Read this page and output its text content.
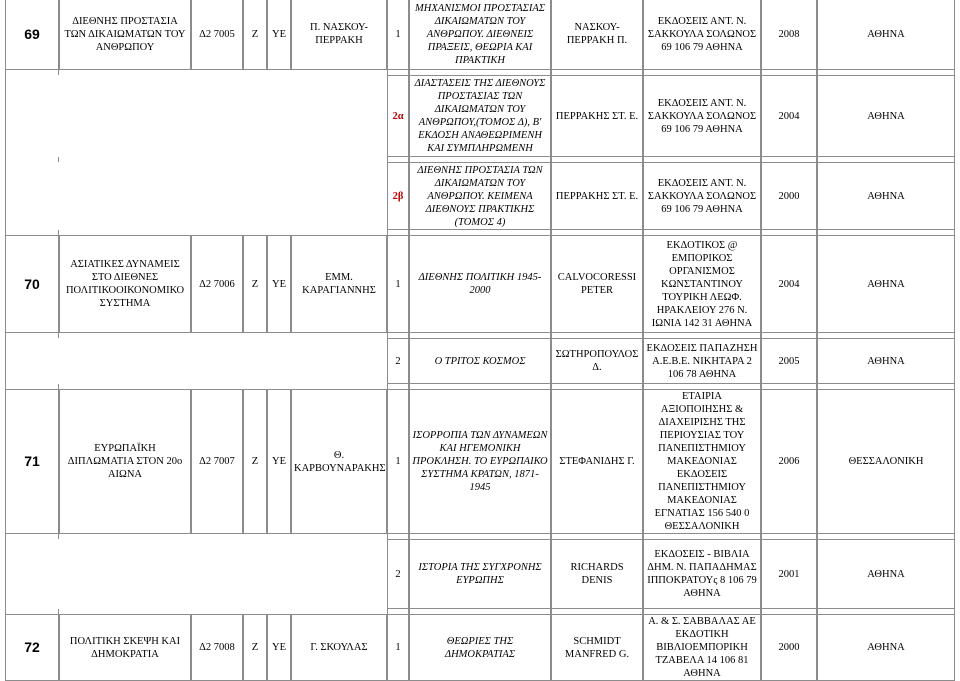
69	ΔΙΕΘΝΗΣ ΠΡΟΣΤΑΣΙΑ ΤΩΝ ΔΙΚΑΙΩΜΑΤΩΝ ΤΟΥ ΑΝΘΡΩΠΟΥ	Δ2 7005	Ζ	ΥΕ	Π. ΝΑΣΚΟΥ-ΠΕΡΡΑΚΗ	1	ΜΗΧΑΝΙΣΜΟΙ ΠΡΟΣΤΑΣΙΑΣ ΔΙΚΑΙΩΜΑΤΩΝ ΤΟΥ ΑΝΘΡΩΠΟΥ. ΔΙΕΘΝΕΙΣ ΠΡΑΞΕΙΣ, ΘΕΩΡΙΑ ΚΑΙ ΠΡΑΚΤΙΚΗ	ΝΑΣΚΟΥ-ΠΕΡΡΑΚΗ Π.	ΕΚΔΟΣΕΙΣ ΑΝΤ. Ν. ΣΑΚΚΟΥΛΑ ΣΟΛΩΝΟΣ 69 106 79 ΑΘΗΝΑ	2008	ΑΘΗΝΑ

						2α	ΔΙΑΣΤΑΣΕΙΣ ΤΗΣ ΔΙΕΘΝΟΥΣ ΠΡΟΣΤΑΣΙΑΣ ΤΩΝ ΔΙΚΑΙΩΜΑΤΩΝ ΤΟΥ ΑΝΘΡΩΠΟΥ,(ΤΟΜΟΣ Δ), Β' ΕΚΔΟΣΗ ΑΝΑΘΕΩΡΙΜΕΝΗ ΚΑΙ ΣΥΜΠΛΗΡΩΜΕΝΗ	ΠΕΡΡΑΚΗΣ ΣΤ. Ε.	ΕΚΔΟΣΕΙΣ ΑΝΤ. Ν. ΣΑΚΚΟΥΛΑ ΣΟΛΩΝΟΣ 69 106 79 ΑΘΗΝΑ	2004	ΑΘΗΝΑ

						2β	ΔΙΕΘΝΗΣ ΠΡΟΣΤΑΣΙΑ ΤΩΝ ΔΙΚΑΙΩΜΑΤΩΝ ΤΟΥ ΑΝΘΡΩΠΟΥ. ΚΕΙΜΕΝΑ ΔΙΕΘΝΟΥΣ ΠΡΑΚΤΙΚΗΣ (ΤΟΜΟΣ 4)	ΠΕΡΡΑΚΗΣ ΣΤ. Ε.	ΕΚΔΟΣΕΙΣ ΑΝΤ. Ν. ΣΑΚΚΟΥΛΑ ΣΟΛΩΝΟΣ 69 106 79 ΑΘΗΝΑ	2000	ΑΘΗΝΑ

70	ΑΣΙΑΤΙΚΕΣ ΔΥΝΑΜΕΙΣ ΣΤΟ ΔΙΕΘΝΕΣ ΠΟΛΙΤΙΚΟΟΙΚΟΝΟΜΙΚΟ ΣΥΣΤΗΜΑ	Δ2 7006	Ζ	ΥΕ	ΕΜΜ. ΚΑΡΑΓΙΑΝΝΗΣ	1	ΔΙΕΘΝΗΣ ΠΟΛΙΤΙΚΗ 1945-2000	CALVOCORESSI PETER	ΕΚΔΟΤΙΚΟΣ @ ΕΜΠΟΡΙΚΟΣ ΟΡΓΑΝΙΣΜΟΣ ΚΩΝΣΤΑΝΤΙΝΟΥ ΤΟΥΡΙΚΗ ΛΕΩΦ. ΗΡΑΚΛΕΙΟΥ 276 Ν. ΙΩΝΙΑ 142 31 ΑΘΗΝΑ	2004	ΑΘΗΝΑ

						2	Ο ΤΡΙΤΟΣ ΚΟΣΜΟΣ	ΣΩΤΗΡΟΠΟΥΛΟΣ Δ.	ΕΚΔΟΣΕΙΣ ΠΑΠΑΖΗΣΗ Α.Ε.Β.Ε. ΝΙΚΗΤΑΡΑ 2 106 78 ΑΘΗΝΑ	2005	ΑΘΗΝΑ

71	ΕΥΡΩΠΑΪΚΗ ΔΙΠΛΩΜΑΤΙΑ ΣΤΟΝ 20ο ΑΙΩΝΑ	Δ2 7007	Ζ	ΥΕ	Θ. ΚΑΡΒΟΥΝΑΡΑΚΗΣ	1	ΙΣΟΡΡΟΠΙΑ ΤΩΝ ΔΥΝΑΜΕΩΝ ΚΑΙ ΗΓΕΜΟΝΙΚΗ ΠΡΟΚΛΗΣΗ. ΤΟ ΕΥΡΩΠΑΙΚΟ ΣΥΣΤΗΜΑ ΚΡΑΤΩΝ, 1871-1945	ΣΤΕΦΑΝΙΔΗΣ Γ.	ΕΤΑΙΡΙΑ ΑΞΙΟΠΟΙΗΣΗΣ & ΔΙΑΧΕΙΡΙΣΗΣ ΤΗΣ ΠΕΡΙΟΥΣΙΑΣ ΤΟΥ ΠΑΝΕΠΙΣΤΗΜΙΟΥ ΜΑΚΕΔΟΝΙΑΣ ΕΚΔΟΣΕΙΣ ΠΑΝΕΠΙΣΤΗΜΙΟΥ ΜΑΚΕΔΟΝΙΑΣ ΕΓΝΑΤΙΑΣ 156 540 0 ΘΕΣΣΑΛΟΝΙΚΗ	2006	ΘΕΣΣΑΛΟΝΙΚΗ

						2	ΙΣΤΟΡΙΑ ΤΗΣ ΣΥΓΧΡΟΝΗΣ ΕΥΡΩΠΗΣ	RICHARDS DENIS	ΕΚΔΟΣΕΙΣ - ΒΙΒΛΙΑ ΔΗΜ. Ν. ΠΑΠΑΔΗΜΑΣ ΙΠΠΟΚΡΑΤΟΥς 8 106 79 ΑΘΗΝΑ	2001	ΑΘΗΝΑ

72	ΠΟΛΙΤΙΚΗ ΣΚΕΨΗ ΚΑΙ ΔΗΜΟΚΡΑΤΙΑ	Δ2 7008	Ζ	ΥΕ	Γ. ΣΚΟΥΛΑΣ	1	ΘΕΩΡΙΕΣ ΤΗΣ ΔΗΜΟΚΡΑΤΙΑΣ	SCHMIDT MANFRED G.	Α. & Σ. ΣΑΒΒΑΛΑΣ ΑΕ ΕΚΔΟΤΙΚΗ ΒΙΒΛΙΟΕΜΠΟΡΙΚΗ ΤΖΑΒΕΛΑ 14 106 81 ΑΘΗΝΑ	2000	ΑΘΗΝΑ
